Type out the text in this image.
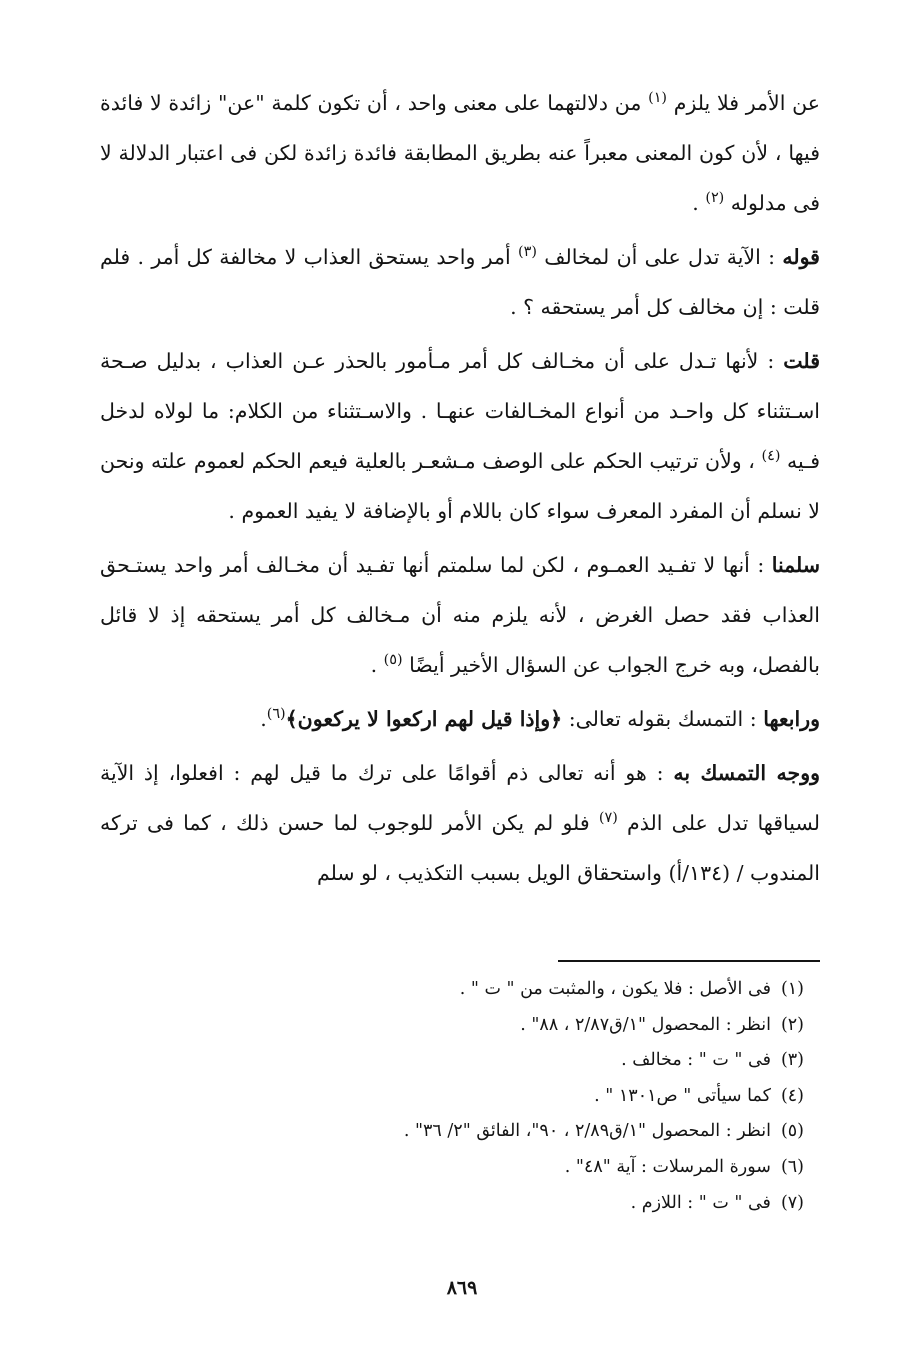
عن الأمر فلا يلزم $^{(١)}$ من دلالتهما على معنى واحد ، أن تكون كلمة "عن" زائدة لا فائدة فيها ، لأن كون المعنى معبراً عنه بطريق المطابقة فائدة زائدة لكن فى اعتبار الدلالة لا فى مدلوله $^{(٢)}$ .

قوله : الآية تدل على أن لمخالف $^{(٣)}$ أمر واحد يستحق العذاب لا مخالفة كل أمر . فلم قلت : إن مخالف كل أمر يستحقه ؟ .

قلت : لأنها تـدل على أن مخـالف كل أمر مـأمور بالحذر عـن العذاب ، بدليل صـحة اسـتثناء كل واحـد من أنواع المخـالفات عنهـا . والاسـتثناء من الكلام: ما لولاه لدخل فـيه $^{(٤)}$ ، ولأن ترتيب الحكم على الوصف مـشعـر بالعلية فيعم الحكم لعموم علته ونحن لا نسلم أن المفرد المعرف سواء كان باللام أو بالإضافة لا يفيد العموم .

سلمنا : أنها لا تفـيد العمـوم ، لكن لما سلمتم أنها تفـيد أن مخـالف أمر واحد يستـحق العذاب فقد حصل الغرض ، لأنه يلزم منه أن مـخالف كل أمر يستحقه إذ لا قائل بالفصل، وبه خرج الجواب عن السؤال الأخير أيضًا $^{(٥)}$ .

ورابعها : التمسك بقوله تعالى: ﴿وإذا قيل لهم اركعوا لا يركعون﴾$^{(٦)}$.

ووجه التمسك به : هو أنه تعالى ذم أقوامًا على ترك ما قيل لهم : افعلوا، إذ الآية لسياقها تدل على الذم $^{(٧)}$ فلو لم يكن الأمر للوجوب لما حسن ذلك ، كما فى تركه المندوب / (١٣٤/أ) واستحقاق الويل بسبب التكذيب ، لو سلم

(١)فى الأصل : فلا يكون ، والمثبت من " ت " .
(٢)انظر : المحصول "١/ق٢/٨٧ ، ٨٨" .
(٣)فى " ت " : مخالف .
(٤)كما سيأتى " ص١٣٠١ " .
(٥)انظر : المحصول "١/ق٢/٨٩ ، ٩٠"، الفائق "٢/ ٣٦" .
(٦)سورة المرسلات : آية "٤٨" .
(٧)فى " ت " : اللازم .
٨٦٩
